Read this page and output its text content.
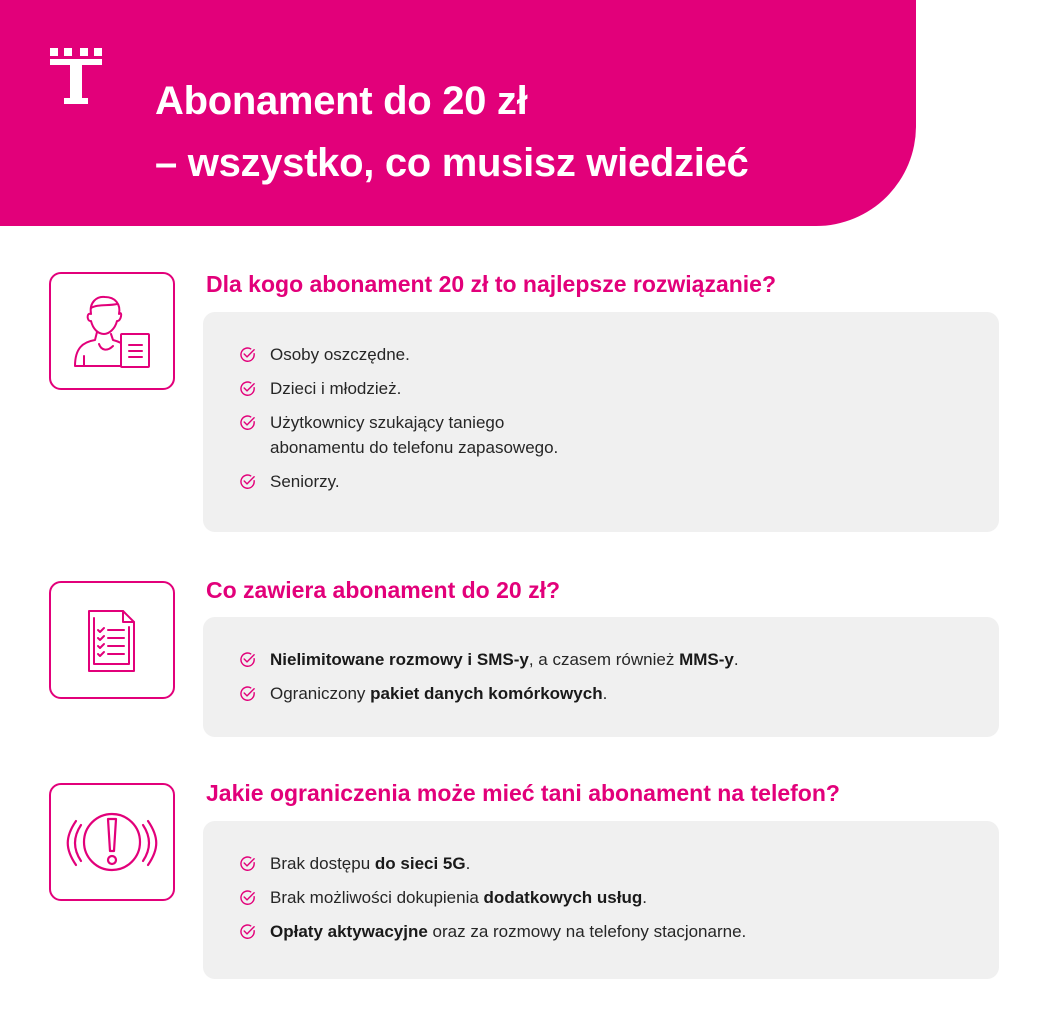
Abonament do 20 zł
– wszystko, co musisz wiedzieć
Dla kogo abonament 20 zł to najlepsze rozwiązanie?
Osoby oszczędne.
Dzieci i młodzież.
Użytkownicy szukający taniego
abonamentu do telefonu zapasowego.
Seniorzy.
Co zawiera abonament do 20 zł?
Nielimitowane rozmowy i SMS-y, a czasem również MMS-y.
Ograniczony pakiet danych komórkowych.
Jakie ograniczenia może mieć tani abonament na telefon?
Brak dostępu do sieci 5G.
Brak możliwości dokupienia dodatkowych usług.
Opłaty aktywacyjne oraz za rozmowy na telefony stacjonarne.
